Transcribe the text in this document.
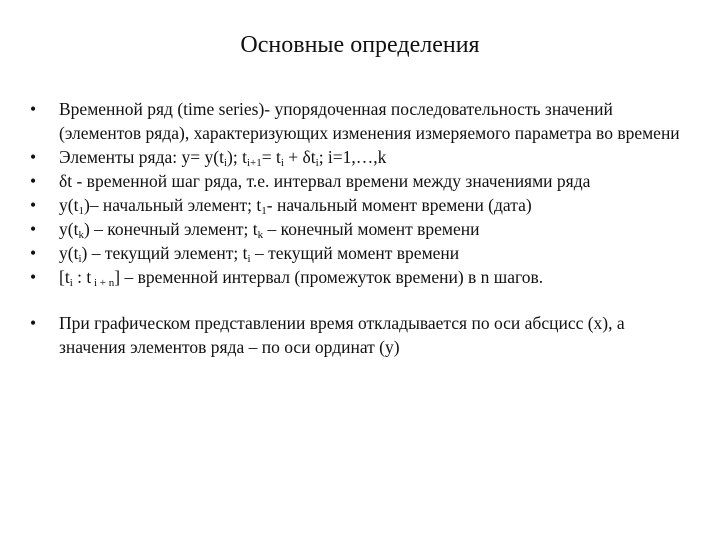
Основные определения
• Временной ряд (time series)- упорядоченная последовательность значений (элементов ряда), характеризующих изменения измеряемого параметра во времени
• Элементы ряда: $y= y(t_i)$; $t_{i+1}= t_i + \delta t_i$; i=1,…,k
• δt - временной шаг ряда, т.е. интервал времени между значениями ряда
• $y(t_1)-$ начальный элемент; $t_1-$ начальный момент времени (дата)
• $y(t_k)$ – конечный элемент; $t_k$ – конечный момент времени
• $y(t_i)$ – текущий элемент; $t_i$ – текущий момент времени
• [$t_i$ : t $_{i + n}$] – временной интервал (промежуток времени) в n шагов.
• При графическом представлении время откладывается по оси абсцисс (x), а значения элементов ряда – по оси ординат (y)
